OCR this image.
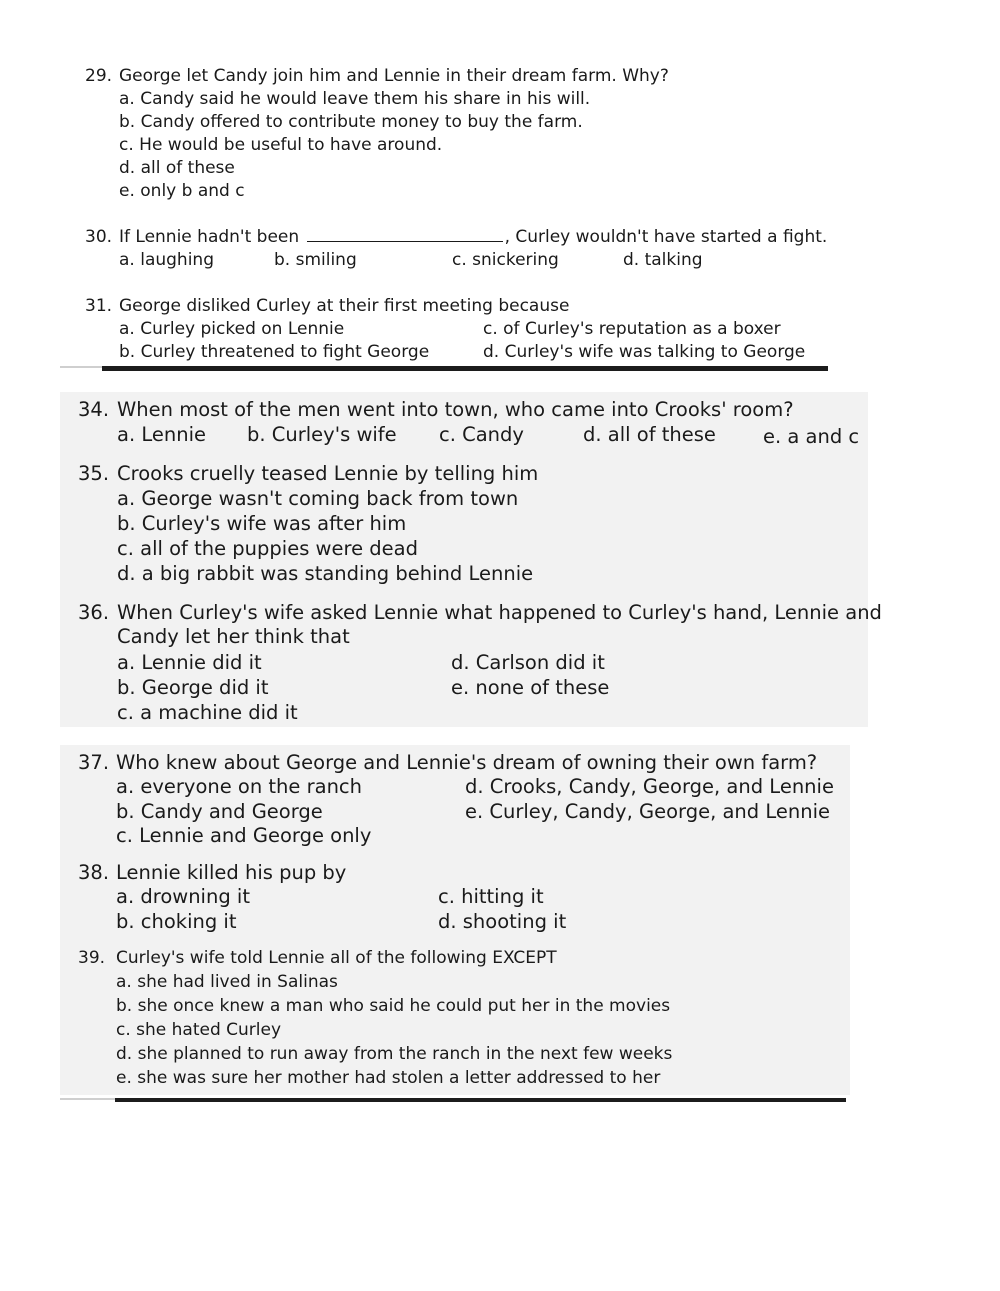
29. George let Candy join him and Lennie in their dream farm. Why?
a. Candy said he would leave them his share in his will.
b. Candy offered to contribute money to buy the farm.
c. He would be useful to have around.
d. all of these
e. only b and c
30. If Lennie hadn't been	, Curley wouldn't have started a fight.
a. laughing	b. smiling	c. snickering	d. talking
31. George disliked Curley at their first meeting because
a. Curley picked on Lennie
b. Curley threatened to fight George
c. of Curley's reputation as a boxer
d. Curley's wife was talking to George
34. When most of the men went into town, who came into Crooks' room?
a. Lennie b. Curley's wife c. Candy	d. all of these e. a and c
35. Crooks cruelly teased Lennie by telling him
a. George wasn't coming back from town
b. Curley's wife was after him
c. all of the puppies were dead
d. a big rabbit was standing behind Lennie
36. When Curley's wife asked Lennie what happened to Curley's hand, Lennie and
Candy let her think that
a. Lennie did it
b. George did it
c. a machine did it
d. Carlson did it
e. none of these
37. Who knew about George and Lennie's dream of owning their own farm?
a. everyone on the ranch
b. Candy and George
c. Lennie and George only
d. Crooks, Candy, George, and Lennie
e. Curley, Candy, George, and Lennie
38. Lennie killed his pup by
a. drowning it
b. choking it
c. hitting it
d. shooting it
39. Curley's wife told Lennie all of the following EXCEPT
a. she had lived in Salinas
b. she once knew a man who said he could put her in the movies
c. she hated Curley
d. she planned to run away from the ranch in the next few weeks
e. she was sure her mother had stolen a letter addressed to her
